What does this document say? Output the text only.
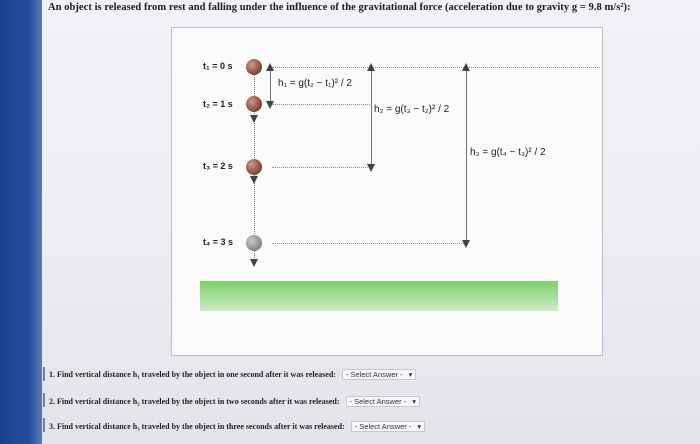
An object is released from rest and falling under the influence of the gravitational force (acceleration due to gravity g = 9.8 m/s²):
t₁ = 0 s
t₂ = 1 s
t₃ = 2 s
t₄ = 3 s
h₁ = g(t₂ − t₁)² / 2
h₂ = g(t₃ − t₂)² / 2
h₃ = g(t₄ − t₃)² / 2
1. Find vertical distance h₁ traveled by the object in one second after it was released: - Select Answer - ▾
2. Find vertical distance h₂ traveled by the object in two seconds after it was released: - Select Answer - ▾
3. Find vertical distance h₃ traveled by the object in three seconds after it was released: - Select Answer - ▾
